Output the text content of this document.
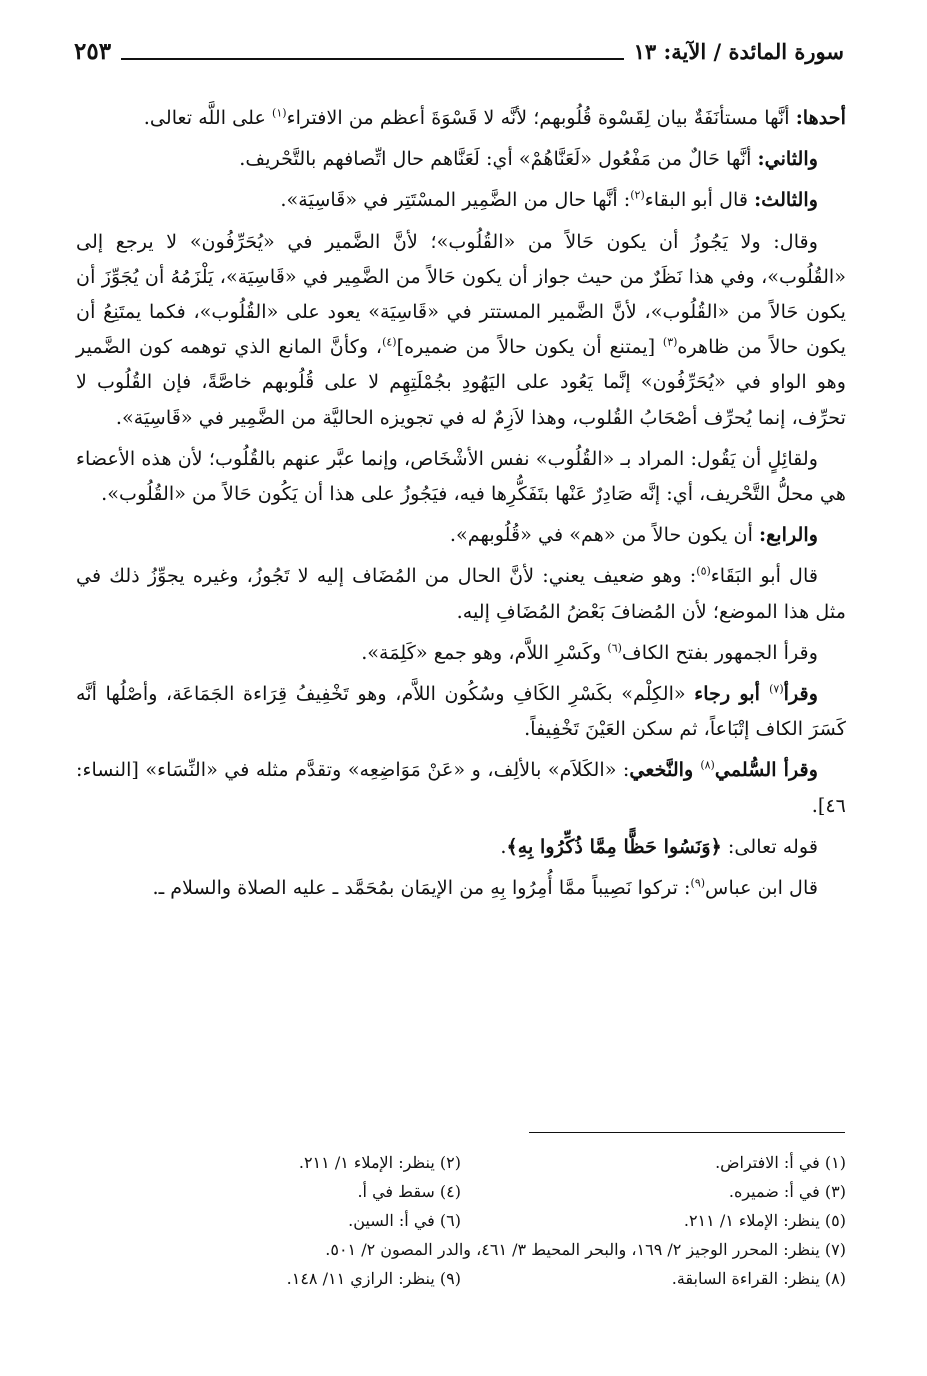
سورة المائدة / الآية: ١٣
٢٥٣

أحدها: أنَّها مستأنَفَةٌ بيان لِقَسْوة قُلُوبهم؛ لأنَّه لا قَسْوَةَ أعظم من الافتراء$^{(١)}$ على اللَّه تعالى.

والثاني: أنَّها حَالٌ من مَفْعُول «لَعَنَّاهُمْ» أي: لَعَنَّاهم حال اتِّصافهم بالتَّحْريف.

والثالث: قال أبو البقاء$^{(٢)}$: أنَّها حال من الضَّمِير المسْتَتِر في «قَاسِيَة».

وقال: ولا يَجُوزُ أن يكون حَالاً من «القُلُوب»؛ لأنَّ الضَّمير في «يُحَرِّفُون» لا يرجع إلى «القُلُوب»، وفي هذا نَظَرٌ من حيث جواز أن يكون حَالاً من الضَّمِير في «قَاسِيَة»، يَلْزَمُهُ أن يُجَوِّزَ أن يكون حَالاً من «القُلُوب»، لأنَّ الضَّمير المستتر في «قَاسِيَة» يعود على «القُلُوب»، فكما يمتَنِعُ أن يكون حالاً من ظاهره$^{(٣)}$ [يمتنع أن يكون حالاً من ضميره]$^{(٤)}$، وكأنَّ المانع الذي توهمه كون الضَّمير وهو الواو في «يُحَرِّفُون» إنَّما يَعُود على اليَهُودِ بجُمْلَتِهِم لا على قُلُوبهم خاصَّةً، فإن القُلُوب لا تحرِّف، إنما يُحرِّف أصْحَابُ القُلوب، وهذا لاَزِمٌ له في تجويزه الحاليَّة من الضَّمِير في «قَاسِيَة».

ولقائِلٍ أن يَقُول: المراد بـ «القُلُوب» نفس الأشْخَاص، وإنما عبَّر عنهم بالقُلُوب؛ لأن هذه الأعضاء هي محلُّ التَّحْريف، أي: إنَّه صَادِرٌ عَنْها بتَفَكُّرِها فيه، فيَجُوزُ على هذا أن يَكُون حَالاً من «القُلُوب».

والرابع: أن يكون حالاً من «هم» في «قُلُوبهم».

قال أبو البَقَاء$^{(٥)}$: وهو ضعيف يعني: لأنَّ الحال من المُضَاف إليه لا تَجُوزُ، وغيره يجوِّزُ ذلك في مثل هذا الموضع؛ لأن المُضافَ بَعْضُ المُضَافِ إليه.

وقرأ الجمهور بفتح الكاف$^{(٦)}$ وكَسْرِ اللاَّم، وهو جمع «كَلِمَة».

وقرأ$^{(٧)}$ أبو رجاء «الكِلْم» بكَسْرِ الكَافِ وسُكُون اللاَّم، وهو تَخْفِيفُ قِرَاءة الجَمَاعَة، وأصْلُها أنَّه كَسَرَ الكاف إتْبَاعاً، ثم سكن العَيْنَ تَخْفِيفاً.

وقرأ السُّلمي$^{(٨)}$ والنَّخعي: «الكَلاَم» بالألِف، و «عَنْ مَوَاضِعِه» وتقدَّم مثله في «النِّسَاء» [النساء: ٤٦].

قوله تعالى: ﴿وَنَسُوا حَظًّا مِمَّا ذُكِّرُوا بِهِ﴾.

قال ابن عباس$^{(٩)}$: تركوا نَصِيباً ممَّا أُمِرُوا بِهِ من الإيمَان بمُحَمَّد ـ عليه الصلاة والسلام ـ.

(١) في أ: الافتراض.
(٢) ينظر: الإملاء ١/ ٢١١.
(٣) في أ: ضميره.
(٤) سقط في أ.
(٥) ينظر: الإملاء ١/ ٢١١.
(٦) في أ: السين.
(٧) ينظر: المحرر الوجيز ٢/ ١٦٩، والبحر المحيط ٣/ ٤٦١، والدر المصون ٢/ ٥٠١.
(٨) ينظر: القراءة السابقة.
(٩) ينظر: الرازي ١١/ ١٤٨.
